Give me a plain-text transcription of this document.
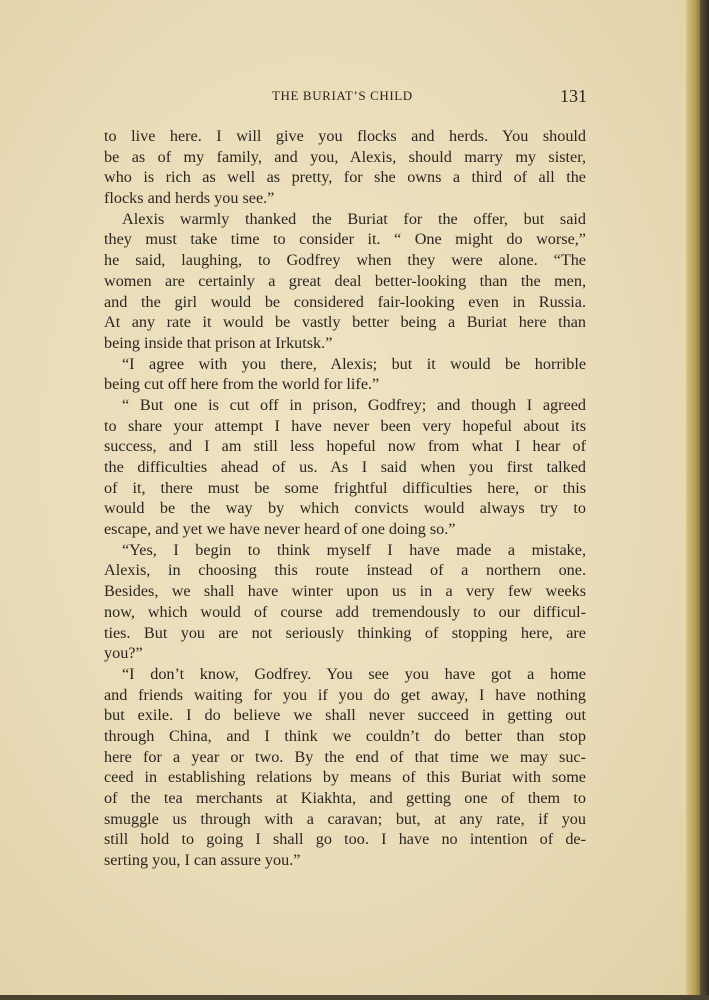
THE BURIAT’S CHILD	131
to live here. I will give you flocks and herds. You should
be as of my family, and you, Alexis, should marry my sister,
who is rich as well as pretty, for she owns a third of all the
flocks and herds you see.”
Alexis warmly thanked the Buriat for the offer, but said
they must take time to consider it. “ One might do worse,”
he said, laughing, to Godfrey when they were alone. “The
women are certainly a great deal better-looking than the men,
and the girl would be considered fair-looking even in Russia.
At any rate it would be vastly better being a Buriat here than
being inside that prison at Irkutsk.”
“I agree with you there, Alexis; but it would be horrible
being cut off here from the world for life.”
“ But one is cut off in prison, Godfrey; and though I agreed
to share your attempt I have never been very hopeful about its
success, and I am still less hopeful now from what I hear of
the difficulties ahead of us. As I said when you first talked
of it, there must be some frightful difficulties here, or this
would be the way by which convicts would always try to
escape, and yet we have never heard of one doing so.”
“Yes, I begin to think myself I have made a mistake,
Alexis, in choosing this route instead of a northern one.
Besides, we shall have winter upon us in a very few weeks
now, which would of course add tremendously to our difficul-
ties. But you are not seriously thinking of stopping here, are
you?”
“I don’t know, Godfrey. You see you have got a home
and friends waiting for you if you do get away, I have nothing
but exile. I do believe we shall never succeed in getting out
through China, and I think we couldn’t do better than stop
here for a year or two. By the end of that time we may suc-
ceed in establishing relations by means of this Buriat with some
of the tea merchants at Kiakhta, and getting one of them to
smuggle us through with a caravan; but, at any rate, if you
still hold to going I shall go too. I have no intention of de-
serting you, I can assure you.”
